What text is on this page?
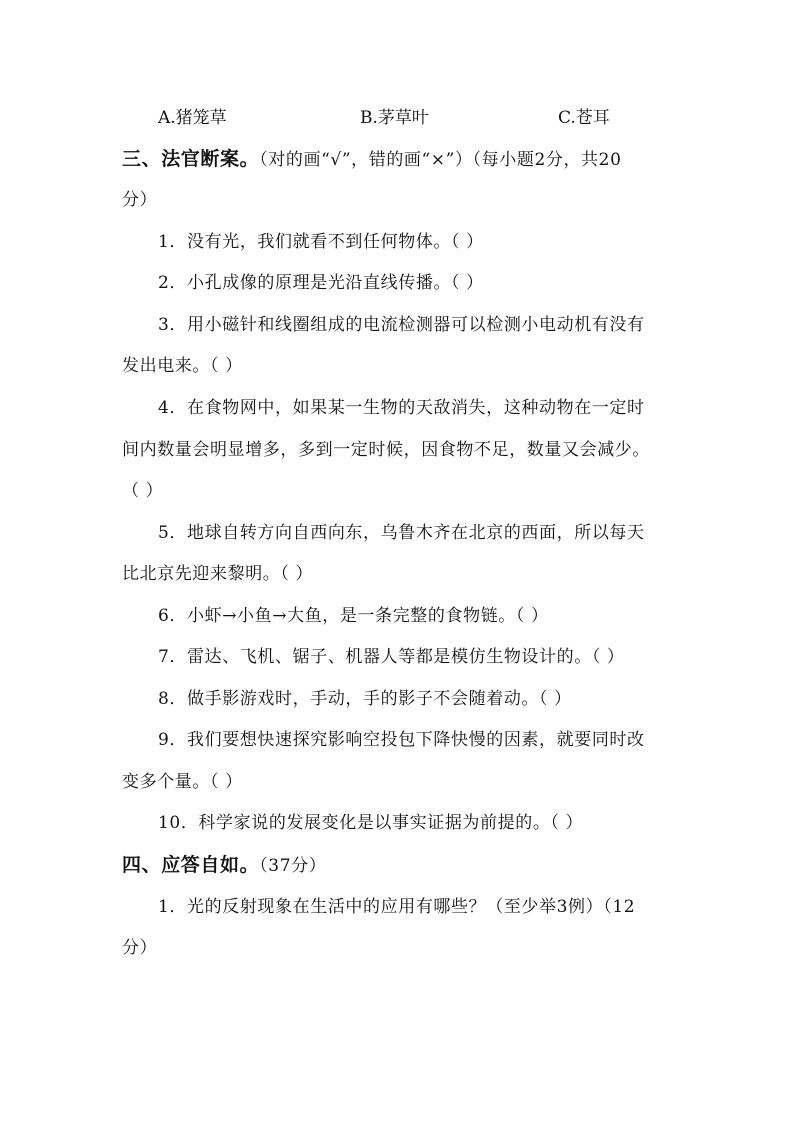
A.猪笼草	B.茅草叶	C.苍耳
三、法官断案。（对的画“√”，错的画“×”）（每小题2分，共20
分）
1．没有光，我们就看不到任何物体。（ ）
2．小孔成像的原理是光沿直线传播。（ ）
3．用小磁针和线圈组成的电流检测器可以检测小电动机有没有
发出电来。（ ）
4．在食物网中，如果某一生物的天敌消失，这种动物在一定时
间内数量会明显增多，多到一定时候，因食物不足，数量又会减少。
（ ）
5．地球自转方向自西向东，乌鲁木齐在北京的西面，所以每天
比北京先迎来黎明。（ ）
6．小虾→小鱼→大鱼，是一条完整的食物链。（ ）
7．雷达、飞机、锯子、机器人等都是模仿生物设计的。（ ）
8．做手影游戏时，手动，手的影子不会随着动。（ ）
9．我们要想快速探究影响空投包下降快慢的因素，就要同时改
变多个量。（ ）
10．科学家说的发展变化是以事实证据为前提的。（ ）
四、应答自如。（37分）
1．光的反射现象在生活中的应用有哪些？（至少举3例）（12
分）
